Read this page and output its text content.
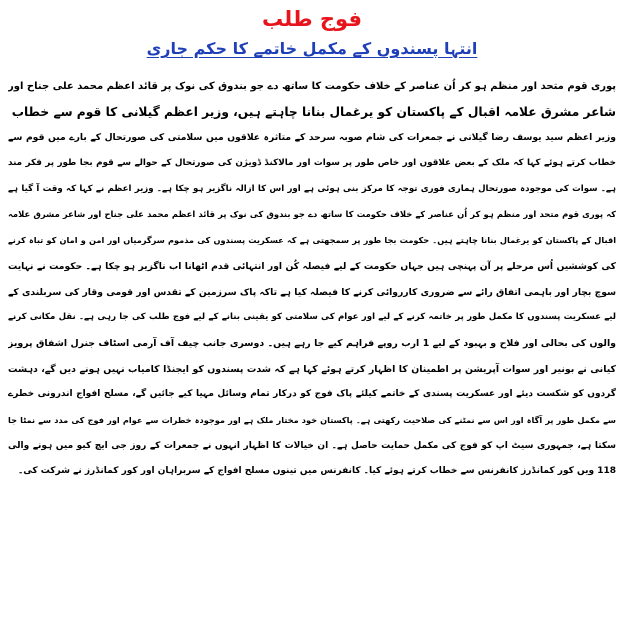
فوج طلب
انتہا پسندوں کے مکمل خاتمے کا حکم جاری
پوری قوم متحد اور منظم ہو کر اُن عناصر کے خلاف حکومت کا ساتھ دے جو بندوق کی نوک پر قائد اعظم محمد علی جناح اور
شاعر مشرق علامہ اقبال کے پاکستان کو یرغمال بنانا چاہتے ہیں، وزیر اعظم گیلانی کا قوم سے خطاب
وزیر اعظم سید یوسف رضا گیلانی نے جمعرات کی شام صوبہ سرحد کے متاثرہ علاقوں میں سلامتی کی صورتحال کے بارے میں قوم سے
خطاب کرتے ہوئے کہا کہ ملک کے بعض علاقوں اور خاص طور پر سوات اور مالاکنڈ ڈویژن کی صورتحال کے حوالے سے قوم بجا طور پر فکر مند
ہے۔ سوات کی موجودہ صورتحال ہماری فوری توجہ کا مرکز بنی ہوئی ہے اور اس کا ازالہ ناگزیر ہو چکا ہے۔ وزیر اعظم نے کہا کہ وقت آ گیا ہے
کہ پوری قوم متحد اور منظم ہو کر اُن عناصر کے خلاف حکومت کا ساتھ دے جو بندوق کی نوک پر قائد اعظم محمد علی جناح اور شاعر مشرق علامہ
اقبال کے پاکستان کو یرغمال بنانا چاہتے ہیں۔ حکومت بجا طور پر سمجھتی ہے کہ عسکریت پسندوں کی مذموم سرگرمیاں اور امن و امان کو تباہ کرنے
کی کوششیں اُس مرحلے پر آن پہنچی ہیں جہاں حکومت کے لیے فیصلہ کُن اور انتہائی قدم اٹھانا اب ناگزیر ہو چکا ہے۔ حکومت نے نہایت
سوچ بچار اور باہمی اتفاق رائے سے ضروری کارروائی کرنے کا فیصلہ کیا ہے تاکہ پاک سرزمین کے تقدس اور قومی وقار کی سربلندی کے
لیے عسکریت پسندوں کا مکمل طور پر خاتمہ کرنے کے لیے اور عوام کی سلامتی کو یقینی بنانے کے لیے فوج طلب کی جا رہی ہے۔ نقل مکانی کرنے
والوں کی بحالی اور فلاح و بہبود کے لیے 1 ارب روپے فراہم کیے جا رہے ہیں۔ دوسری جانب چیف آف آرمی اسٹاف جنرل اشفاق پرویز
کیانی نے بونیر اور سوات آپریشن پر اطمینان کا اظہار کرتے ہوئے کہا ہے کہ شدت پسندوں کو ایجنڈا کامیاب نہیں ہونے دیں گے، دہشت
گردوں کو شکست دیئے اور عسکریت پسندی کے خاتمے کیلئے پاک فوج کو درکار تمام وسائل مہیا کیے جائیں گے، مسلح افواج اندرونی خطرے
سے مکمل طور پر آگاہ اور اس سے نمٹنے کی صلاحیت رکھتی ہے۔ پاکستان خود مختار ملک ہے اور موجودہ خطرات سے عوام اور فوج کی مدد سے نمٹا جا
سکتا ہے، جمہوری سیٹ اپ کو فوج کی مکمل حمایت حاصل ہے۔ ان خیالات کا اظہار انہوں نے جمعرات کے روز جی ایچ کیو میں ہونے والی
118 ویں کور کمانڈرز کانفرنس سے خطاب کرتے ہوئے کیا۔ کانفرنس میں تینوں مسلح افواج کے سربراہان اور کور کمانڈرز نے شرکت کی۔
